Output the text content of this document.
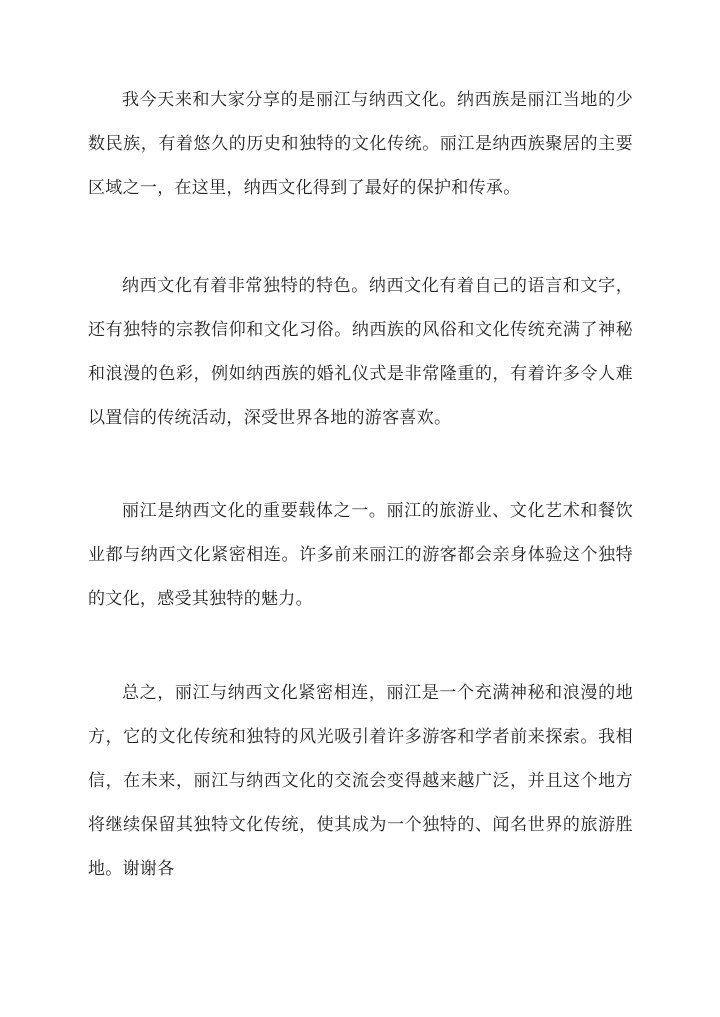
我今天来和大家分享的是丽江与纳西文化。纳西族是丽江当地的少数民族，有着悠久的历史和独特的文化传统。丽江是纳西族聚居的主要区域之一，在这里，纳西文化得到了最好的保护和传承。

纳西文化有着非常独特的特色。纳西文化有着自己的语言和文字，还有独特的宗教信仰和文化习俗。纳西族的风俗和文化传统充满了神秘和浪漫的色彩，例如纳西族的婚礼仪式是非常隆重的，有着许多令人难以置信的传统活动，深受世界各地的游客喜欢。

丽江是纳西文化的重要载体之一。丽江的旅游业、文化艺术和餐饮业都与纳西文化紧密相连。许多前来丽江的游客都会亲身体验这个独特的文化，感受其独特的魅力。

总之，丽江与纳西文化紧密相连，丽江是一个充满神秘和浪漫的地方，它的文化传统和独特的风光吸引着许多游客和学者前来探索。我相信，在未来，丽江与纳西文化的交流会变得越来越广泛，并且这个地方将继续保留其独特文化传统，使其成为一个独特的、闻名世界的旅游胜地。谢谢各
